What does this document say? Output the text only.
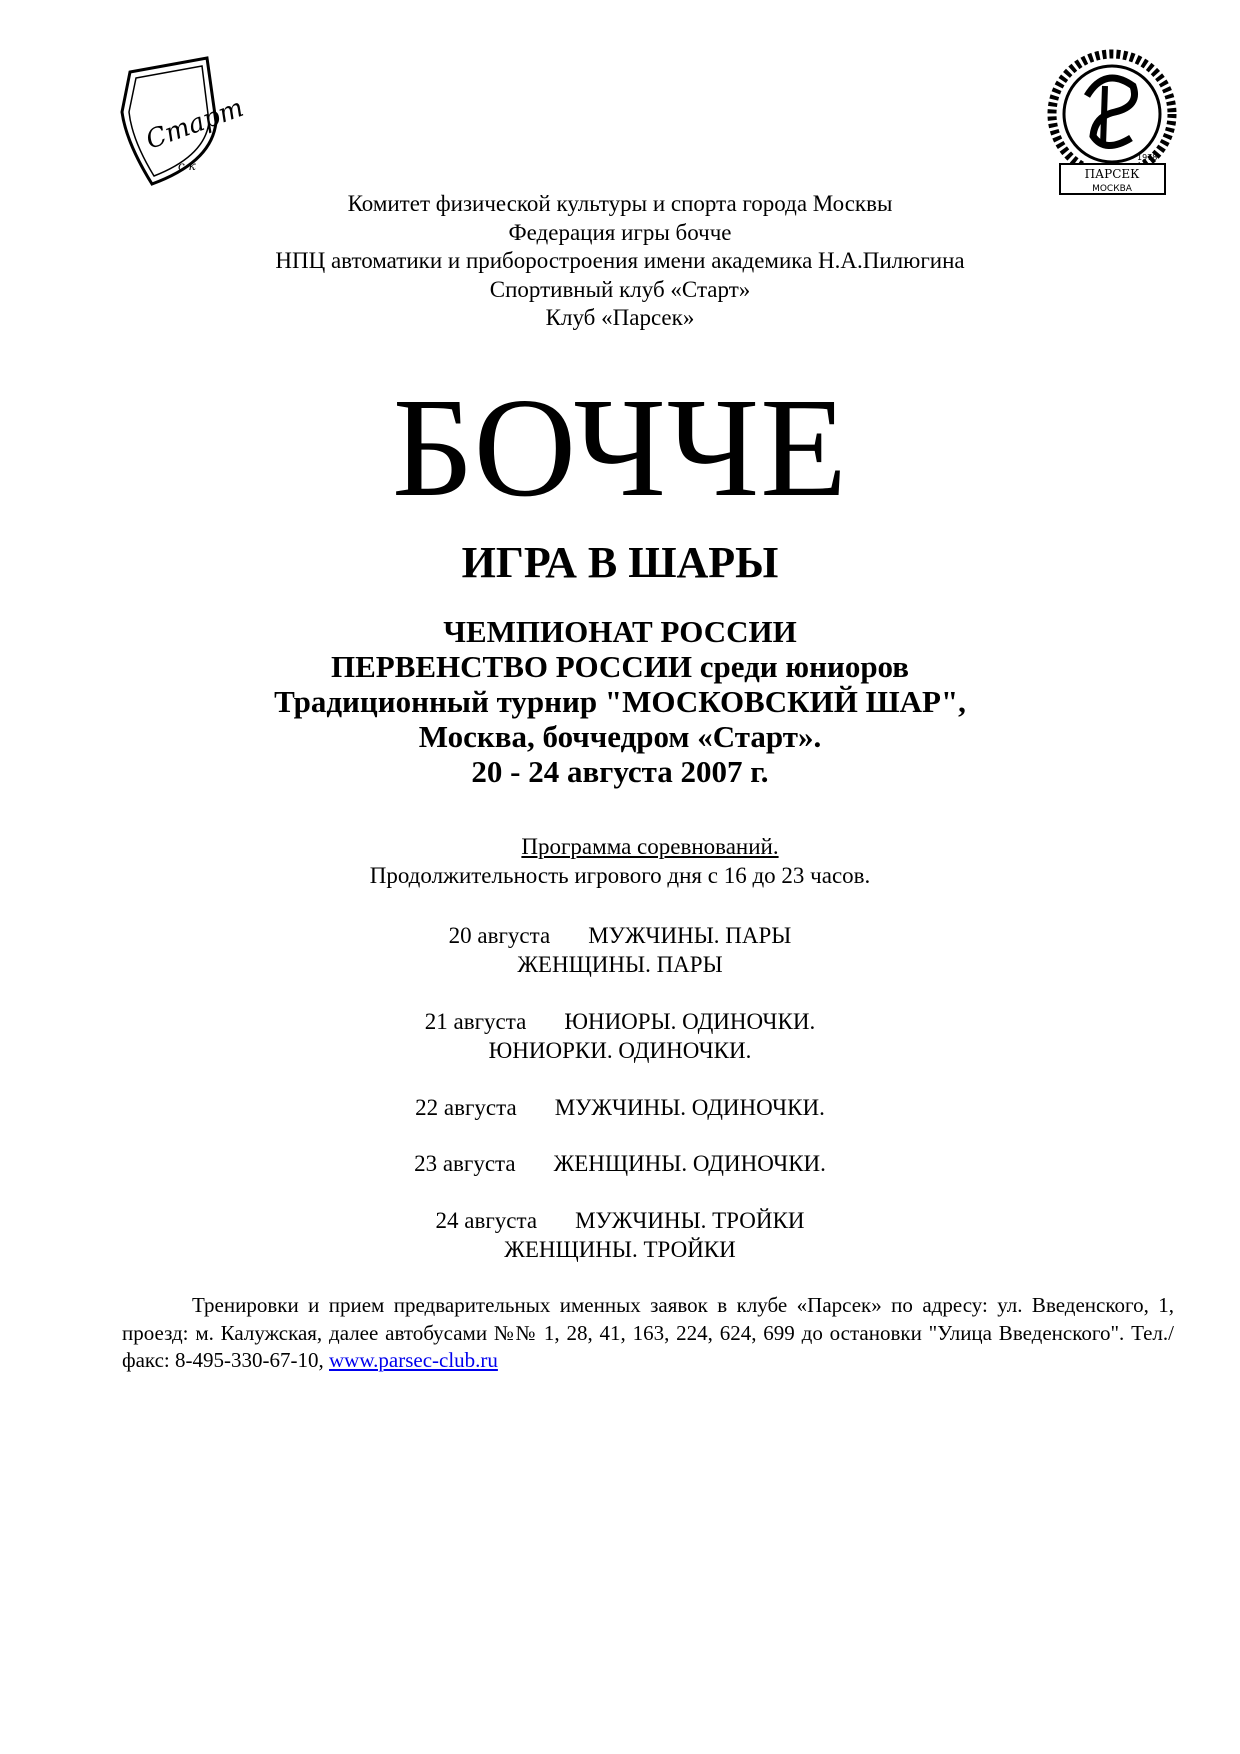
Старт
с к
ПАРСЕК
МОСКВА
1978
Комитет физической культуры и спорта города Москвы
Федерация игры бочче
НПЦ автоматики и приборостроения имени академика Н.А.Пилюгина
Спортивный клуб «Старт»
Клуб «Парсек»
БОЧЧЕ
ИГРА В ШАРЫ
ЧЕМПИОНАТ РОССИИ
ПЕРВЕНСТВО РОССИИ среди юниоров
Традиционный турнир "МОСКОВСКИЙ ШАР",
Москва, боччедром «Старт».
20 - 24 августа 2007 г.
Программа соревнований.
Продолжительность игрового дня с 16 до 23 часов.
20 августа МУЖЧИНЫ. ПАРЫ
ЖЕНЩИНЫ. ПАРЫ
21 августа ЮНИОРЫ. ОДИНОЧКИ.
ЮНИОРКИ. ОДИНОЧКИ.
22 августа МУЖЧИНЫ. ОДИНОЧКИ.
23 августа ЖЕНЩИНЫ. ОДИНОЧКИ.
24 августа МУЖЧИНЫ. ТРОЙКИ
ЖЕНЩИНЫ. ТРОЙКИ
Тренировки и прием предварительных именных заявок в клубе «Парсек» по адресу: ул. Введенского, 1, проезд: м. Калужская, далее автобусами №№ 1, 28, 41, 163, 224, 624, 699 до остановки "Улица Введенского". Тел./факс: 8-495-330-67-10, www.parsec-club.ru
